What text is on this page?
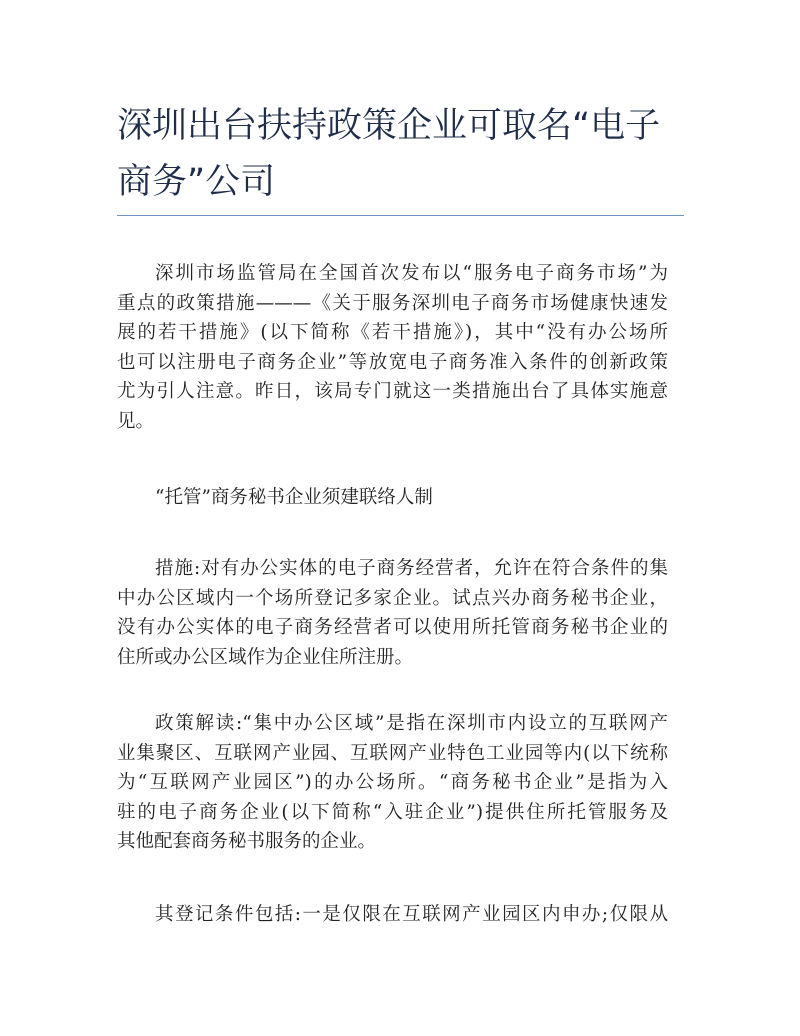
深圳出台扶持政策企业可取名“电子
商务”公司
深圳市场监管局在全国首次发布以“服务电子商务市场”为
重点的政策措施———《关于服务深圳电子商务市场健康快速发
展的若干措施》(以下简称《若干措施》)，其中“没有办公场所
也可以注册电子商务企业”等放宽电子商务准入条件的创新政策
尤为引人注意。昨日，该局专门就这一类措施出台了具体实施意
见。
“托管”商务秘书企业须建联络人制
措施:对有办公实体的电子商务经营者，允许在符合条件的集
中办公区域内一个场所登记多家企业。试点兴办商务秘书企业，
没有办公实体的电子商务经营者可以使用所托管商务秘书企业的
住所或办公区域作为企业住所注册。
政策解读:“集中办公区域”是指在深圳市内设立的互联网产
业集聚区、互联网产业园、互联网产业特色工业园等内(以下统称
为“互联网产业园区”)的办公场所。“商务秘书企业”是指为入
驻的电子商务企业(以下简称“入驻企业”)提供住所托管服务及
其他配套商务秘书服务的企业。
其登记条件包括:一是仅限在互联网产业园区内申办;仅限从
